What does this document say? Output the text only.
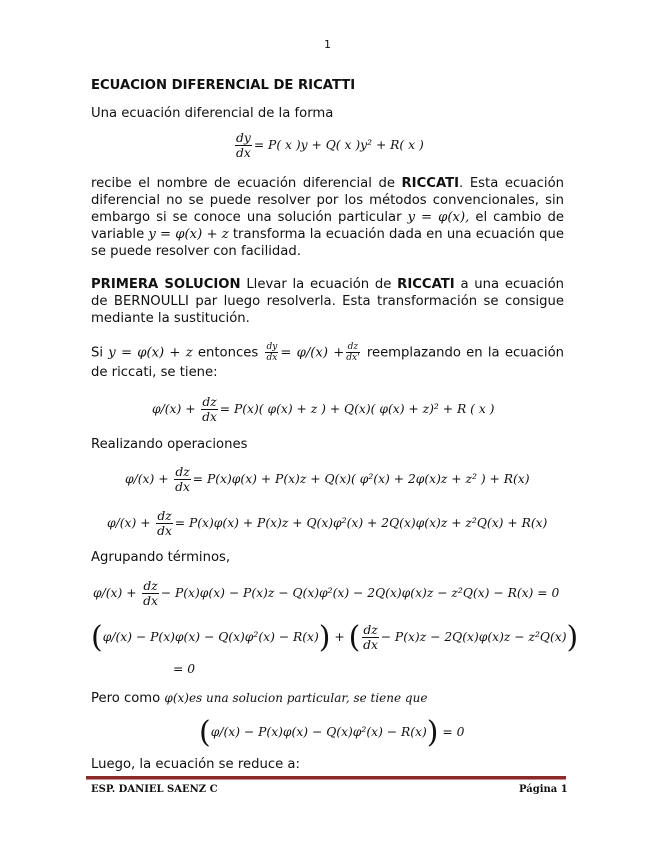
1
ECUACION DIFERENCIAL DE RICATTI
Una ecuación diferencial de la forma
$\frac{dy}{dx} = P$( x )y + Q( x )y² + R( x )
recibe el nombre de ecuación diferencial de RICCATI. Esta ecuación diferencial no se puede resolver por los métodos convencionales, sin embargo si se conoce una solución particular y = φ(x), el cambio de variable y = φ(x) + z transforma la ecuación dada en una ecuación que se puede resolver con facilidad.
PRIMERA SOLUCION Llevar la ecuación de RICCATI a una ecuación de BERNOULLI par luego resolverla. Esta transformación se consigue mediante la sustitución.
Si y = φ(x) + z entonces $\frac{dy}{dx} = \varphi/(x) + \frac{dz}{dx'}$ reemplazando en la ecuación de riccati, se tiene:
$\varphi/(x) + \frac{dz}{dx} = P(x)$( φ(x) + z ) + Q(x)( φ(x) + z)² + R ( x )
Realizando operaciones
$\varphi/(x) + \frac{dz}{dx} = P(x)\varphi(x) + P(x)z + Q(x)$( φ²(x) + 2φ(x)z + z² ) + R(x)
$\varphi/(x) + \frac{dz}{dx} = P(x)\varphi(x) + P(x)z + Q(x)\varphi^2(x) + 2Q(x)\varphi(x)z + z^2Q(x) + R(x)$
Agrupando términos,
$\varphi/(x) + \frac{dz}{dx} - P(x)\varphi(x) - P(x)z - Q(x)\varphi^2(x) - 2Q(x)\varphi(x)z - z^2Q(x) - R(x) = 0$
(φ/(x) − P(x)φ(x) − Q(x)φ²(x) − R(x)) + ( $\frac{dz}{dx} - P(x)z - 2Q(x)\varphi(x)z - z^2Q(x)$)
= 0
Pero como φ(x)es una solucion particular, se tiene que
(φ/(x) − P(x)φ(x) − Q(x)φ²(x) − R(x)) = 0
Luego, la ecuación se reduce a:
ESP. DANIEL SAENZ C	Página 1
